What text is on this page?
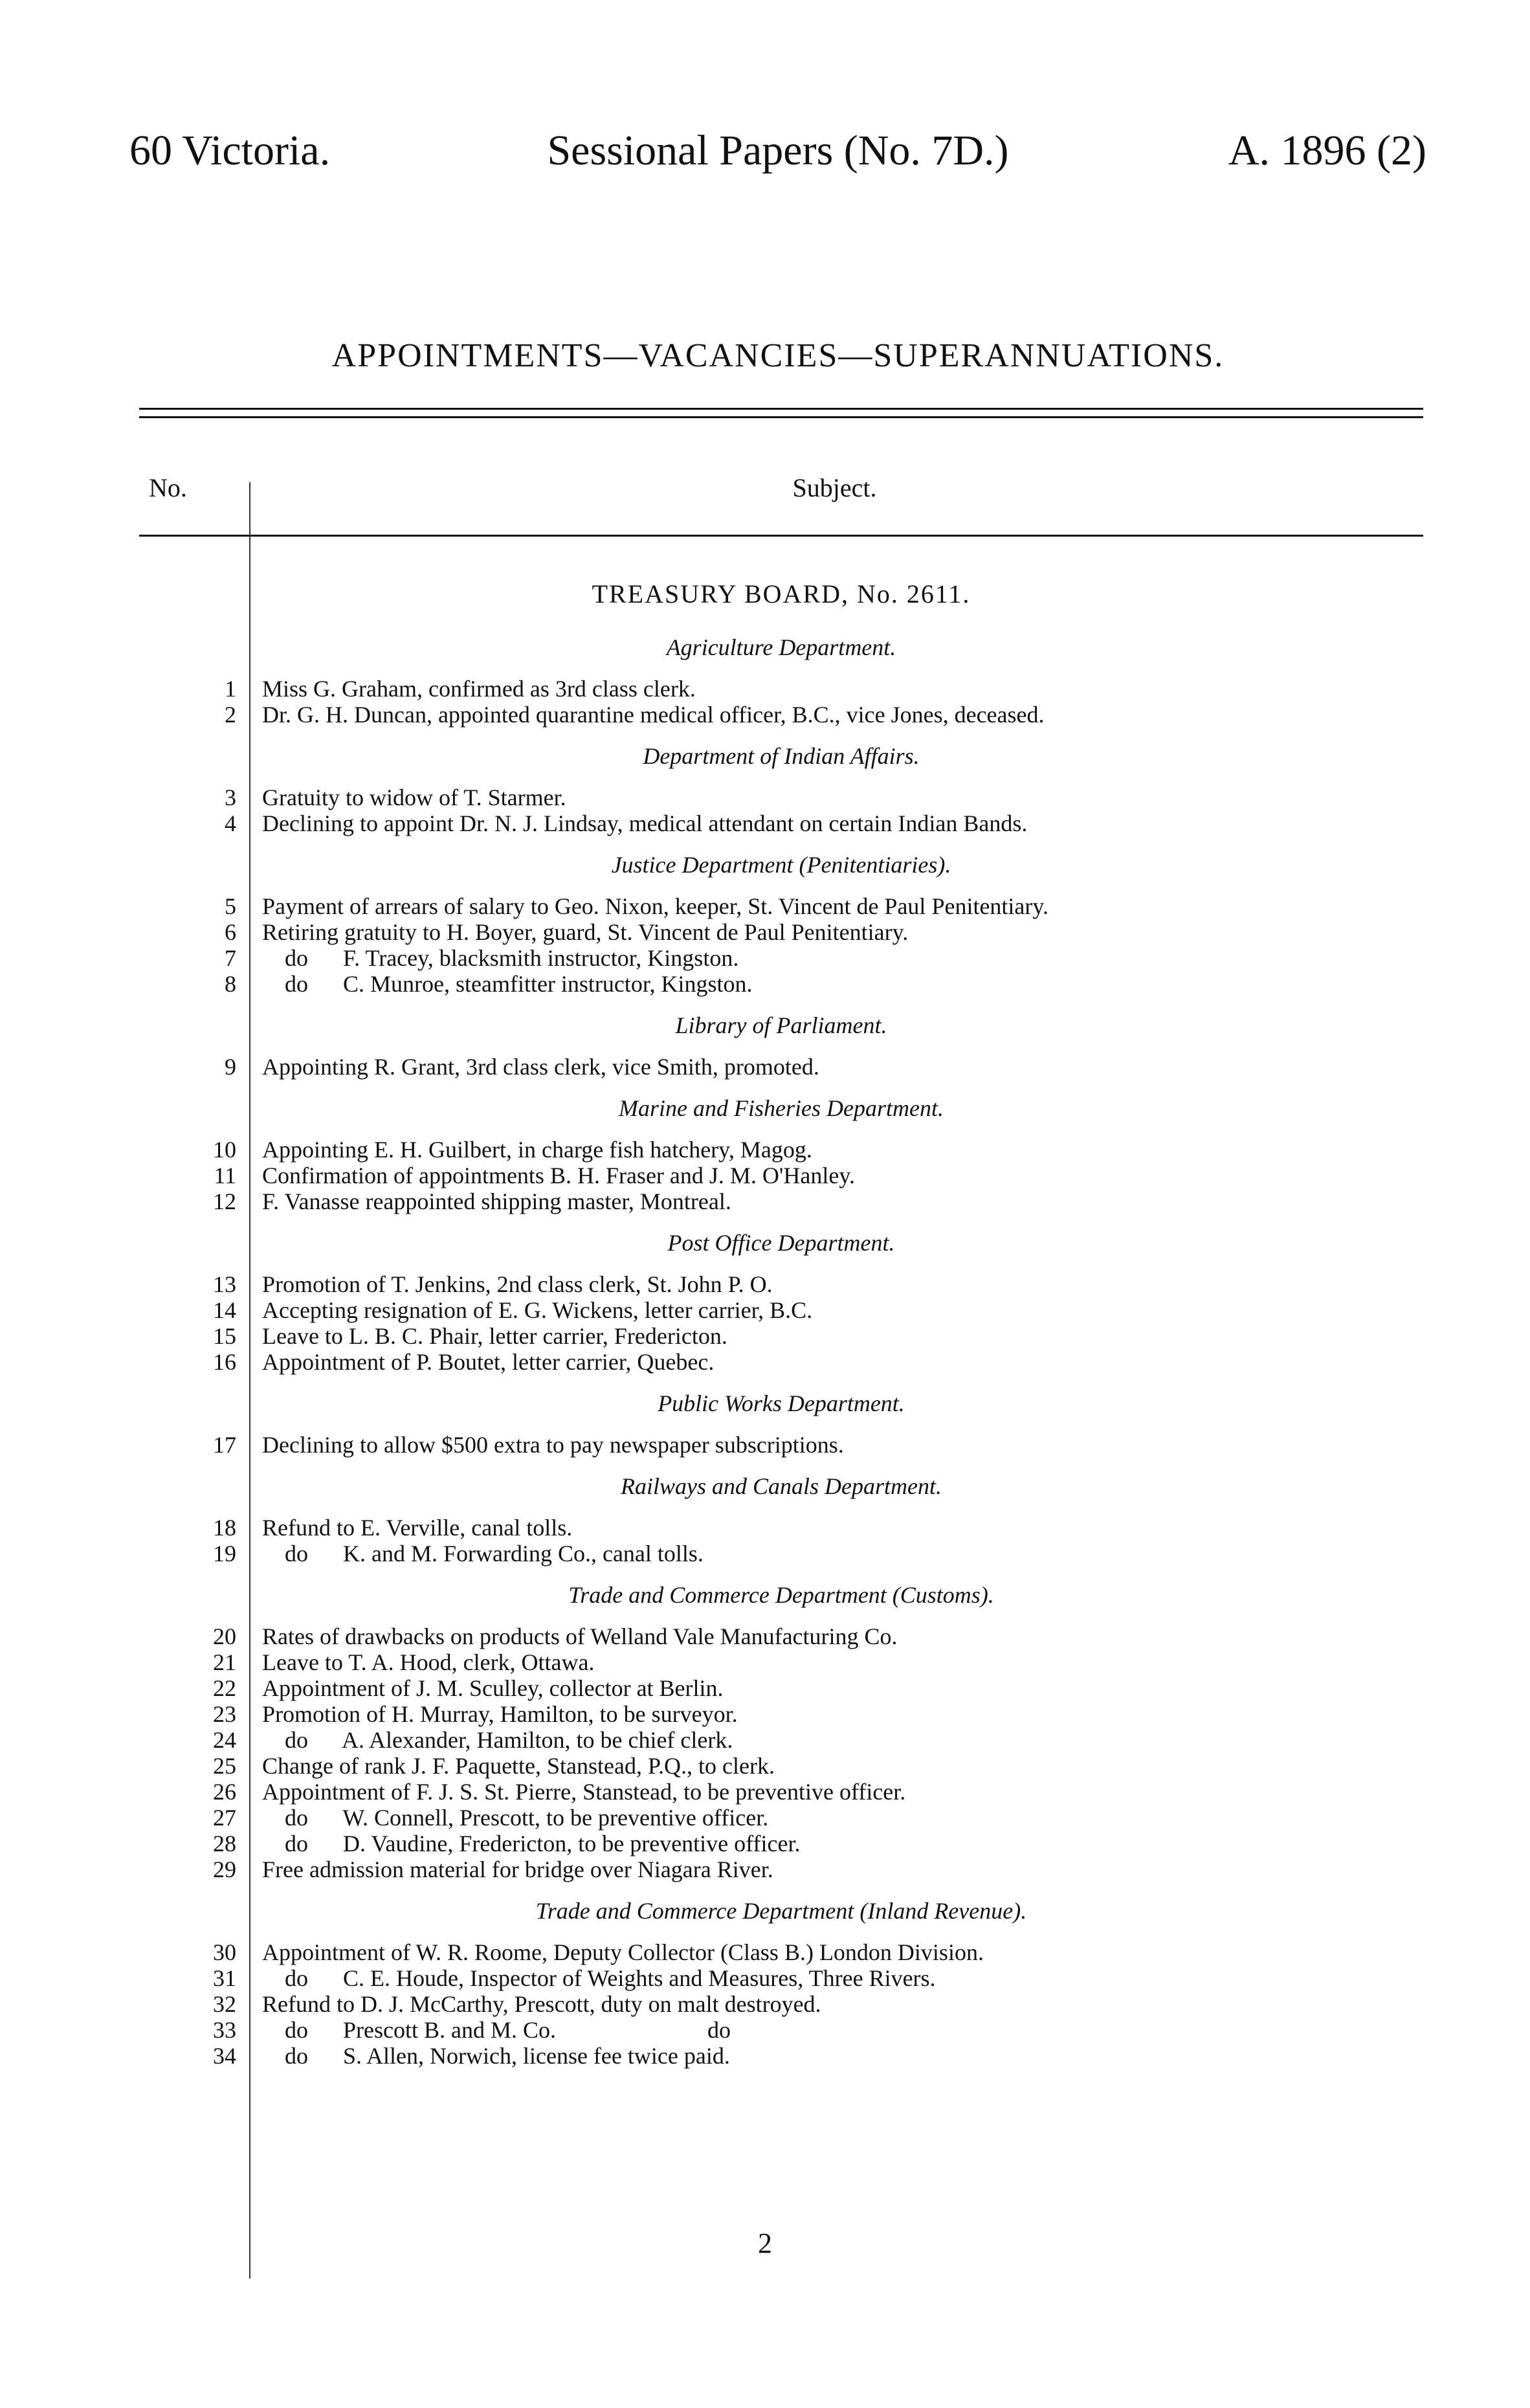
60 Victoria.	Sessional Papers (No. 7D.)	A. 1896 (2)
APPOINTMENTS—VACANCIES—SUPERANNUATIONS.
No.	Subject.
TREASURY BOARD, No. 2611.
Agriculture Department.
1 Miss G. Graham, confirmed as 3rd class clerk.
2 Dr. G. H. Duncan, appointed quarantine medical officer, B.C., vice Jones, deceased.
Department of Indian Affairs.
3 Gratuity to widow of T. Starmer.
4 Declining to appoint Dr. N. J. Lindsay, medical attendant on certain Indian Bands.
Justice Department (Penitentiaries).
5 Payment of arrears of salary to Geo. Nixon, keeper, St. Vincent de Paul Penitentiary.
6 Retiring gratuity to H. Boyer, guard, St. Vincent de Paul Penitentiary.
7 do      F. Tracey, blacksmith instructor, Kingston.
8 do      C. Munroe, steamfitter instructor, Kingston.
Library of Parliament.
9 Appointing R. Grant, 3rd class clerk, vice Smith, promoted.
Marine and Fisheries Department.
10 Appointing E. H. Guilbert, in charge fish hatchery, Magog.
11 Confirmation of appointments B. H. Fraser and J. M. O'Hanley.
12 F. Vanasse reappointed shipping master, Montreal.
Post Office Department.
13 Promotion of T. Jenkins, 2nd class clerk, St. John P. O.
14 Accepting resignation of E. G. Wickens, letter carrier, B.C.
15 Leave to L. B. C. Phair, letter carrier, Fredericton.
16 Appointment of P. Boutet, letter carrier, Quebec.
Public Works Department.
17 Declining to allow $500 extra to pay newspaper subscriptions.
Railways and Canals Department.
18 Refund to E. Verville, canal tolls.
19 do      K. and M. Forwarding Co., canal tolls.
Trade and Commerce Department (Customs).
20 Rates of drawbacks on products of Welland Vale Manufacturing Co.
21 Leave to T. A. Hood, clerk, Ottawa.
22 Appointment of J. M. Sculley, collector at Berlin.
23 Promotion of H. Murray, Hamilton, to be surveyor.
24 do      A. Alexander, Hamilton, to be chief clerk.
25 Change of rank J. F. Paquette, Stanstead, P.Q., to clerk.
26 Appointment of F. J. S. St. Pierre, Stanstead, to be preventive officer.
27 do      W. Connell, Prescott, to be preventive officer.
28 do      D. Vaudine, Fredericton, to be preventive officer.
29 Free admission material for bridge over Niagara River.
Trade and Commerce Department (Inland Revenue).
30 Appointment of W. R. Roome, Deputy Collector (Class B.) London Division.
31 do      C. E. Houde, Inspector of Weights and Measures, Three Rivers.
32 Refund to D. J. McCarthy, Prescott, duty on malt destroyed.
33 do      Prescott B. and M. Co.                          do
34 do      S. Allen, Norwich, license fee twice paid.
2
